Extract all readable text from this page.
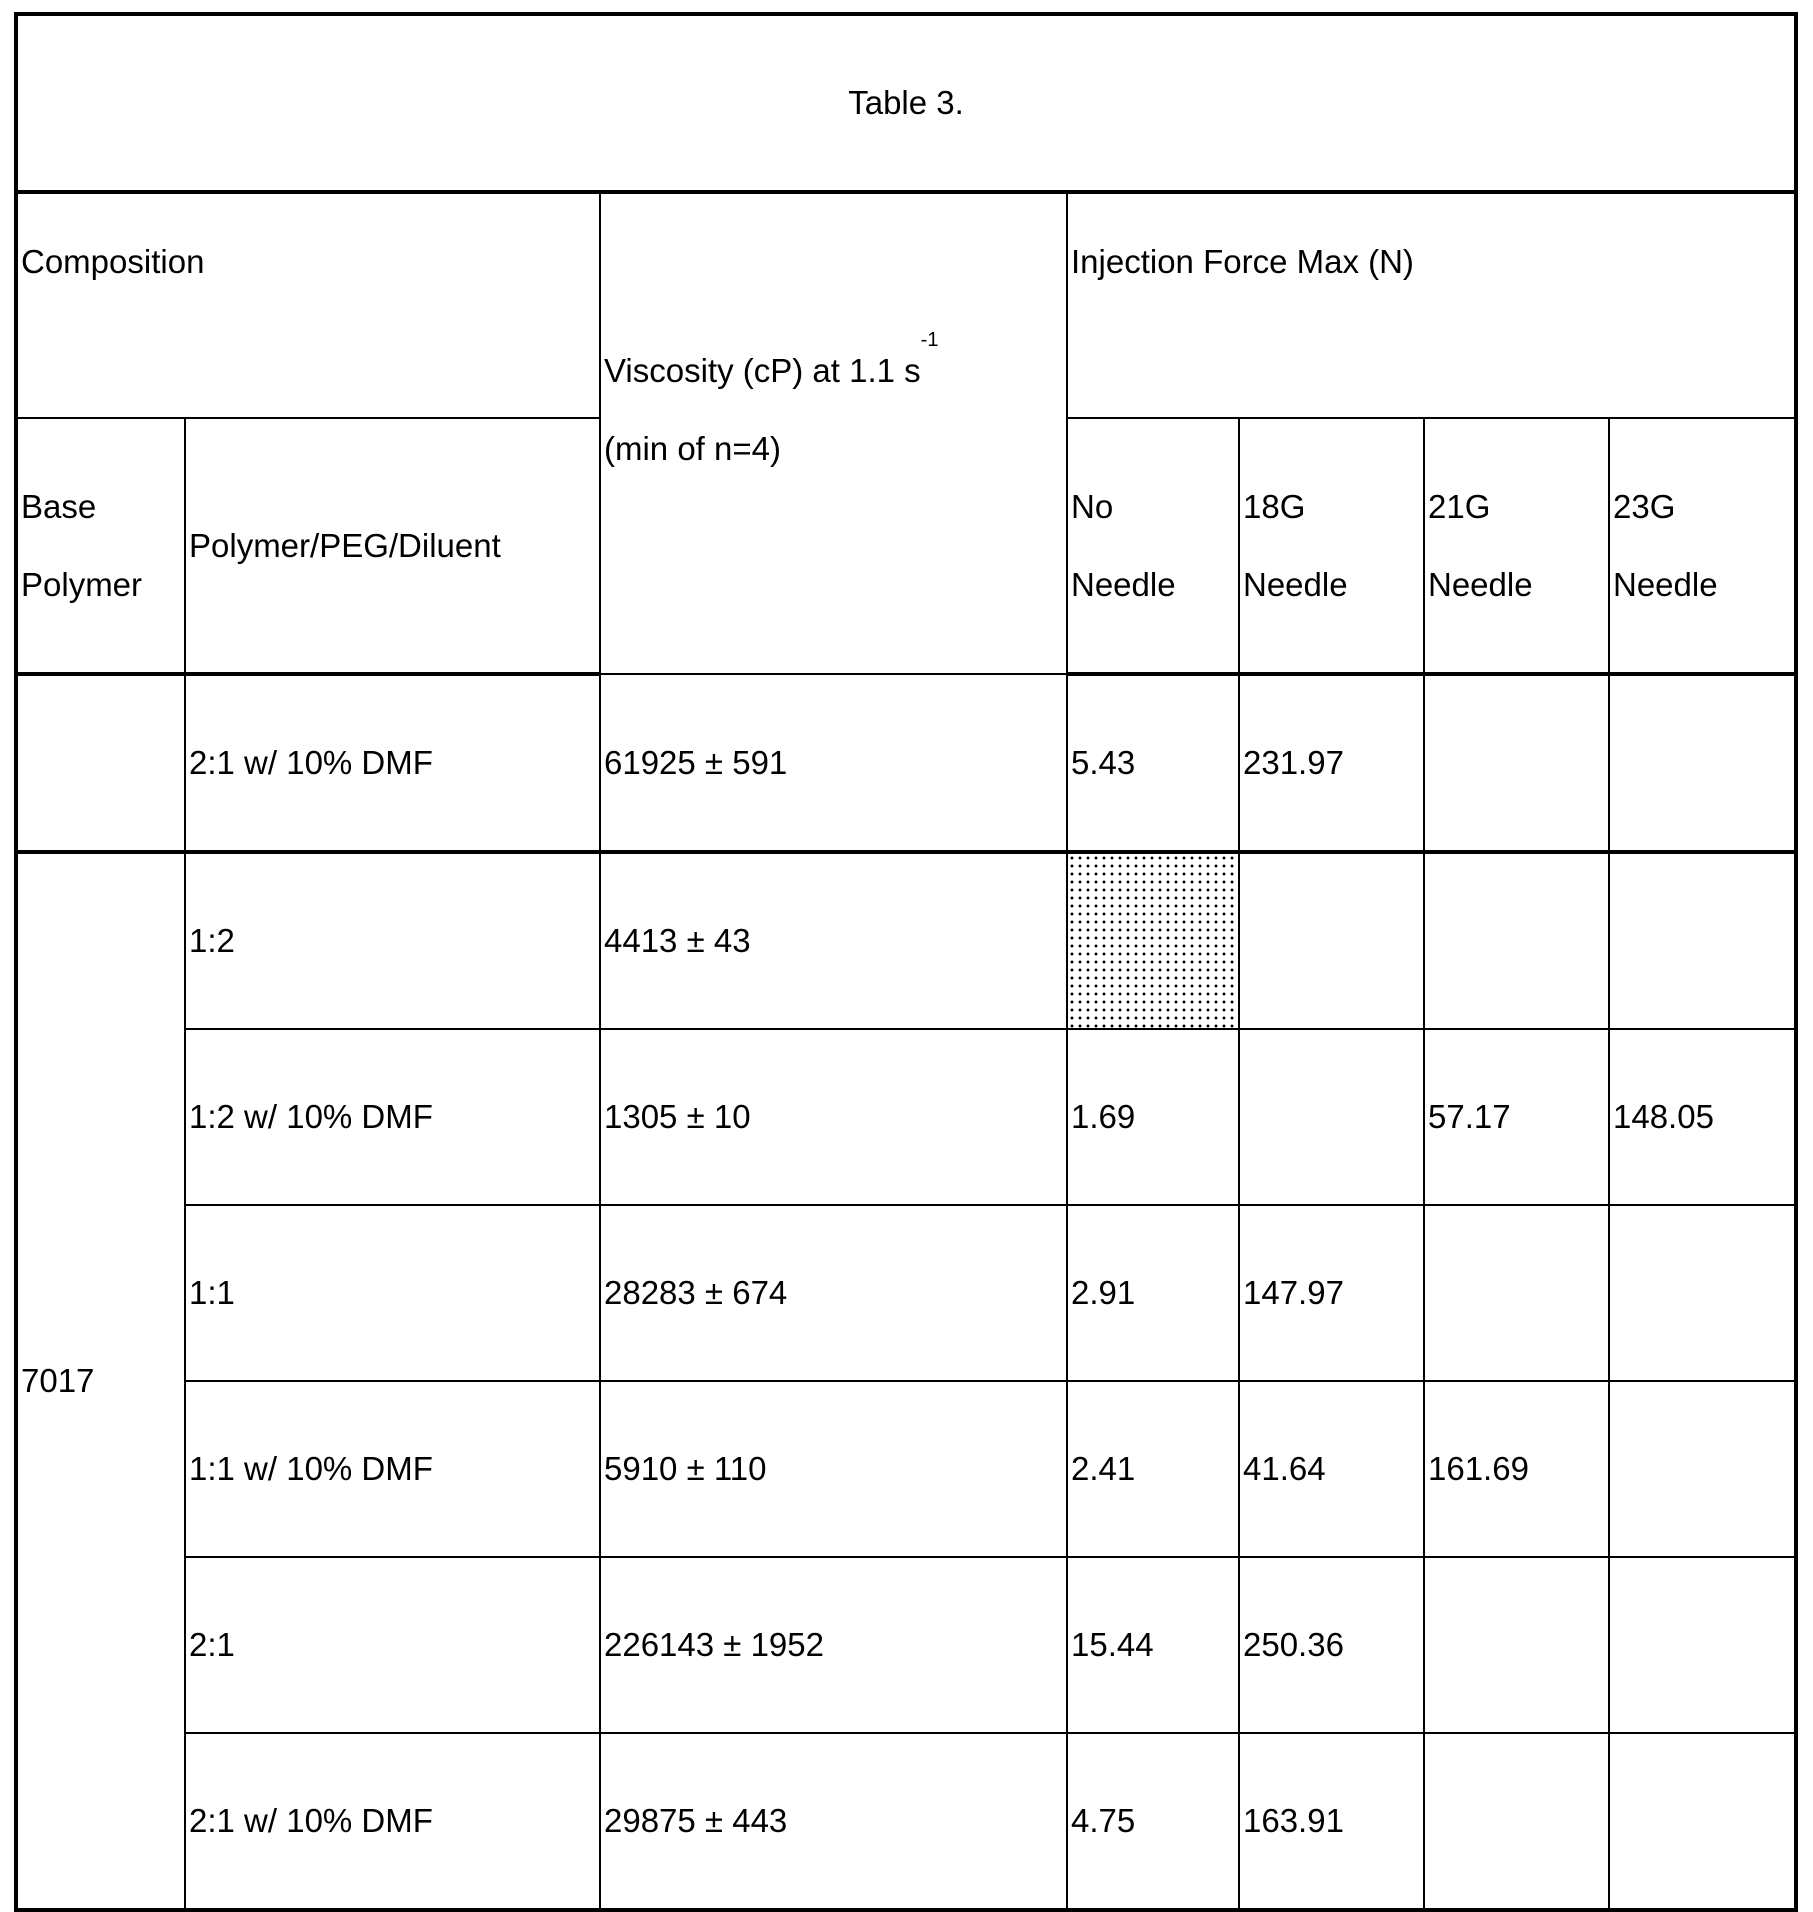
Table 3.
Composition	Viscosity (cP) at 1.1 s-1
(min of n=4)	Injection Force Max (N)
Base
Polymer	Polymer/PEG/Diluent	No
Needle	18G
Needle	21G
Needle	23G
Needle
	2:1 w/ 10% DMF	61925 ± 591	5.43	231.97		
7017	1:2	4413 ± 43				
1:2 w/ 10% DMF	1305 ± 10	1.69		57.17	148.05
1:1	28283 ± 674	2.91	147.97		
1:1 w/ 10% DMF	5910 ± 110	2.41	41.64	161.69	
2:1	226143 ± 1952	15.44	250.36		
2:1 w/ 10% DMF	29875 ± 443	4.75	163.91		
